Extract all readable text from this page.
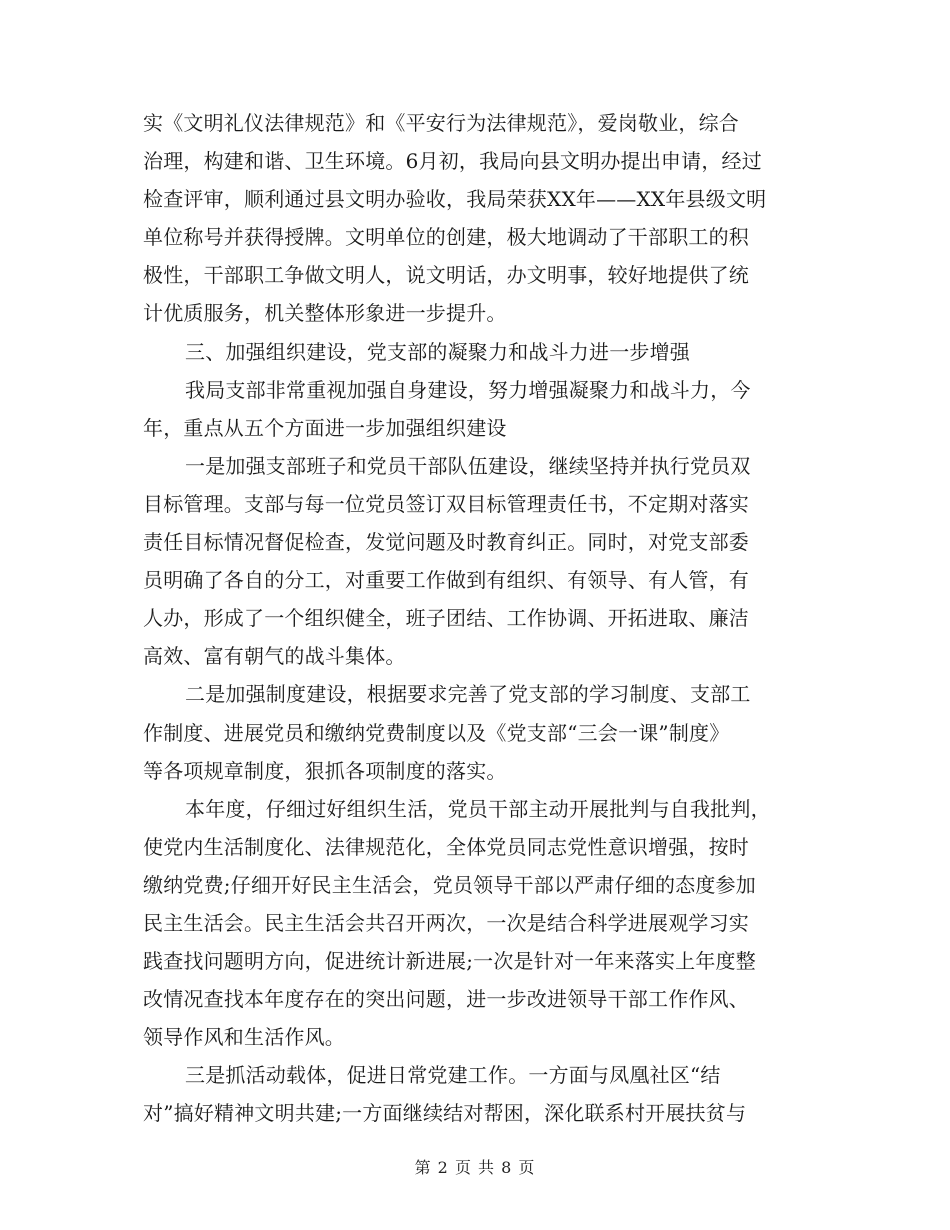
实《文明礼仪法律规范》和《平安行为法律规范》，爱岗敬业，综合
治理，构建和谐、卫生环境。6月初，我局向县文明办提出申请，经过
检查评审，顺利通过县文明办验收，我局荣获XX年——XX年县级文明
单位称号并获得授牌。文明单位的创建，极大地调动了干部职工的积
极性，干部职工争做文明人，说文明话，办文明事，较好地提供了统
计优质服务，机关整体形象进一步提升。
三、加强组织建设，党支部的凝聚力和战斗力进一步增强
我局支部非常重视加强自身建设，努力增强凝聚力和战斗力，今
年，重点从五个方面进一步加强组织建设
一是加强支部班子和党员干部队伍建设，继续坚持并执行党员双
目标管理。支部与每一位党员签订双目标管理责任书，不定期对落实
责任目标情况督促检查，发觉问题及时教育纠正。同时，对党支部委
员明确了各自的分工，对重要工作做到有组织、有领导、有人管，有
人办，形成了一个组织健全，班子团结、工作协调、开拓进取、廉洁
高效、富有朝气的战斗集体。
二是加强制度建设，根据要求完善了党支部的学习制度、支部工
作制度、进展党员和缴纳党费制度以及《党支部“三会一课”制度》
等各项规章制度，狠抓各项制度的落实。
本年度，仔细过好组织生活，党员干部主动开展批判与自我批判，
使党内生活制度化、法律规范化，全体党员同志党性意识增强，按时
缴纳党费;仔细开好民主生活会，党员领导干部以严肃仔细的态度参加
民主生活会。民主生活会共召开两次，一次是结合科学进展观学习实
践查找问题明方向，促进统计新进展;一次是针对一年来落实上年度整
改情况查找本年度存在的突出问题，进一步改进领导干部工作作风、
领导作风和生活作风。
三是抓活动载体，促进日常党建工作。一方面与凤凰社区“结
对”搞好精神文明共建;一方面继续结对帮困，深化联系村开展扶贫与
第 2 页 共 8 页
